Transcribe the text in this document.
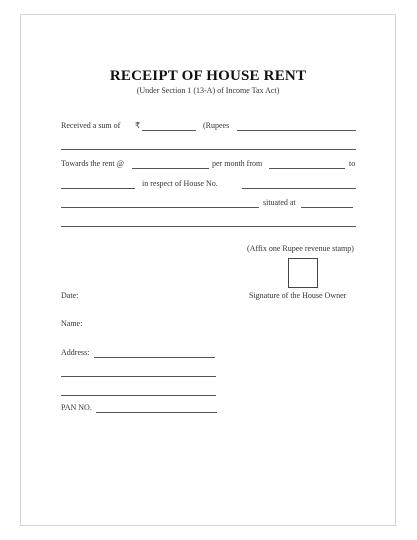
RECEIPT OF HOUSE RENT
(Under Section 1 (13-A) of Income Tax Act)
Received a sum of ₹	(Rupees
Towards the rent @	per month from	to
in respect of House No.
situated at
(Affix one Rupee revenue stamp)
Date:	Signature of the House Owner
Name:
Address:
PAN NO.
